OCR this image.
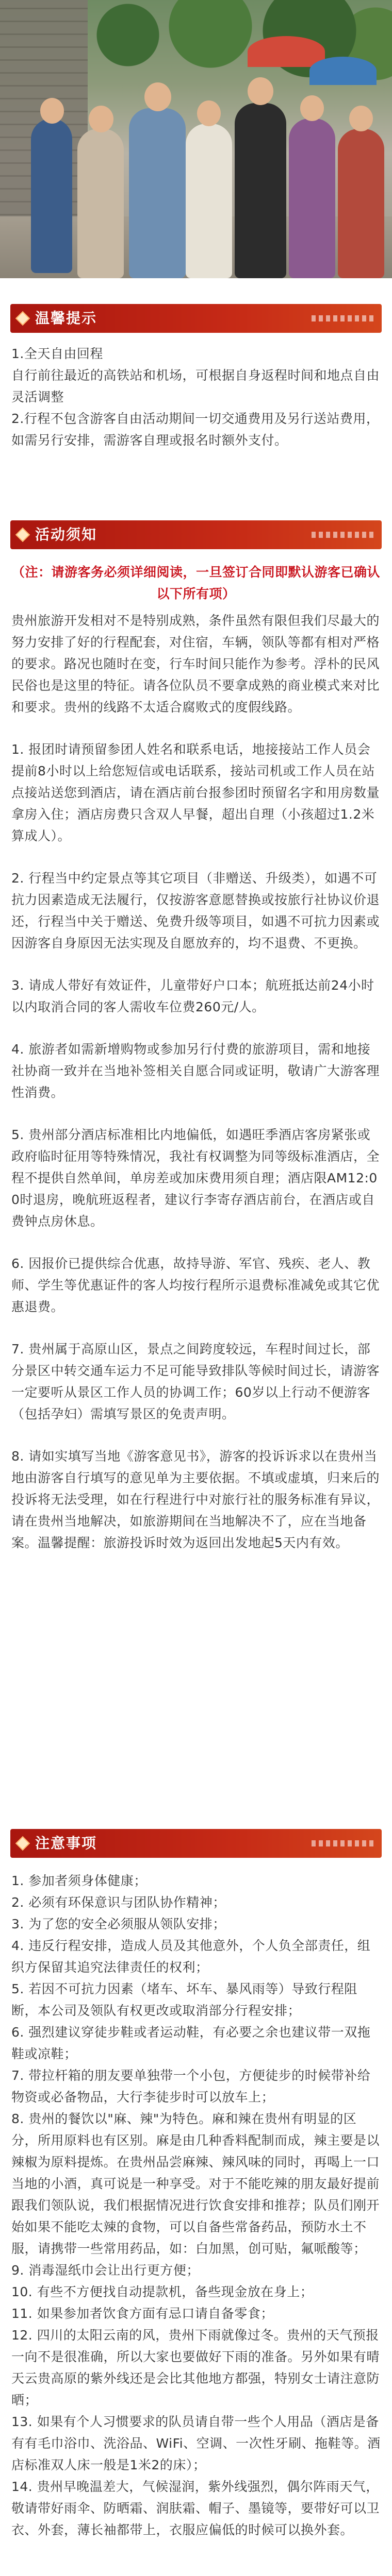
温馨提示

1.全天自由回程

自行前往最近的高铁站和机场，可根据自身返程时间和地点自由灵活调整

2.行程不包含游客自由活动期间一切交通费用及另行送站费用，如需另行安排，需游客自理或报名时额外支付。

活动须知
（注：请游客务必须详细阅读，一旦签订合同即默认游客已确认以下所有项）

贵州旅游开发相对不是特别成熟，条件虽然有限但我们尽最大的努力安排了好的行程配套，对住宿，车辆，领队等都有相对严格的要求。路况也随时在变，行车时间只能作为参考。浮朴的民风民俗也是这里的特征。请各位队员不要拿成熟的商业模式来对比和要求。贵州的线路不太适合腐败式的度假线路。

1. 报团时请预留参团人姓名和联系电话，地接接站工作人员会提前8小时以上给您短信或电话联系，接站司机或工作人员在站点接站送您到酒店，请在酒店前台报参团时预留名字和用房数量拿房入住；酒店房费只含双人早餐，超出自理（小孩超过1.2米算成人）。

2. 行程当中约定景点等其它项目（非赠送、升级类），如遇不可抗力因素造成无法履行，仅按游客意愿替换或按旅行社协议价退还，行程当中关于赠送、免费升级等项目，如遇不可抗力因素或因游客自身原因无法实现及自愿放弃的，均不退费、不更换。

3. 请成人带好有效证件，儿童带好户口本；航班抵达前24小时以内取消合同的客人需收车位费260元/人。

4. 旅游者如需新增购物或参加另行付费的旅游项目，需和地接社协商一致并在当地补签相关自愿合同或证明，敬请广大游客理性消费。

5. 贵州部分酒店标准相比内地偏低，如遇旺季酒店客房紧张或政府临时征用等特殊情况，我社有权调整为同等级标准酒店，全程不提供自然单间，单房差或加床费用须自理；酒店限AM12:00时退房，晚航班返程者，建议行李寄存酒店前台，在酒店或自费钟点房休息。

6. 因报价已提供综合优惠，故持导游、军官、残疾、老人、教师、学生等优惠证件的客人均按行程所示退费标准减免或其它优惠退费。

7. 贵州属于高原山区，景点之间跨度较远，车程时间过长，部分景区中转交通车运力不足可能导致排队等候时间过长，请游客一定要听从景区工作人员的协调工作；60岁以上行动不便游客（包括孕妇）需填写景区的免责声明。

8. 请如实填写当地《游客意见书》，游客的投诉诉求以在贵州当地由游客自行填写的意见单为主要依据。不填或虚填，归来后的投诉将无法受理，如在行程进行中对旅行社的服务标准有异议，请在贵州当地解决，如旅游期间在当地解决不了，应在当地备案。温馨提醒：旅游投诉时效为返回出发地起5天内有效。

注意事项

1. 参加者须身体健康；

2. 必须有环保意识与团队协作精神；

3. 为了您的安全必须服从领队安排；

4. 违反行程安排，造成人员及其他意外，个人负全部责任，组织方保留其追究法律责任的权利；

5. 若因不可抗力因素（堵车、坏车、暴风雨等）导致行程阻断，本公司及领队有权更改或取消部分行程安排；

6. 强烈建议穿徒步鞋或者运动鞋，有必要之余也建议带一双拖鞋或凉鞋；

7. 带拉杆箱的朋友要单独带一个小包，方便徒步的时候带补给物资或必备物品，大行李徒步时可以放车上；

8. 贵州的餐饮以"麻、辣"为特色。麻和辣在贵州有明显的区分，所用原料也有区别。麻是由几种香料配制而成，辣主要是以辣椒为原料提炼。在贵州品尝麻辣、辣风味的同时，再喝上一口当地的小酒，真可说是一种享受。对于不能吃辣的朋友最好提前跟我们领队说，我们根据情况进行饮食安排和推荐；队员们刚开始如果不能吃太辣的食物，可以自备些常备药品，预防水土不服，请携带一些常用药品，如：白加黑，创可贴，氟哌酸等；

9. 消毒湿纸巾会让出行更方便；

10. 有些不方便找自动提款机，备些现金放在身上；

11. 如果参加者饮食方面有忌口请自备零食；

12. 四川的太阳云南的风，贵州下雨就像过冬。贵州的天气预报一向不是很准确，所以大家也要做好下雨的准备。另外如果有晴天云贵高原的紫外线还是会比其他地方都强，特别女士请注意防晒；

13. 如果有个人习惯要求的队员请自带一些个人用品（酒店是备有有毛巾浴巾、洗浴品、WiFi、空调、一次性牙刷、拖鞋等。酒店标准双人床一般是1米2的床）；

14. 贵州早晚温差大，气候湿润，紫外线强烈，偶尔阵雨天气，敬请带好雨伞、防晒霜、润肤霜、帽子、墨镜等，要带好可以卫衣、外套，薄长袖都带上，衣服应偏低的时候可以换外套。
